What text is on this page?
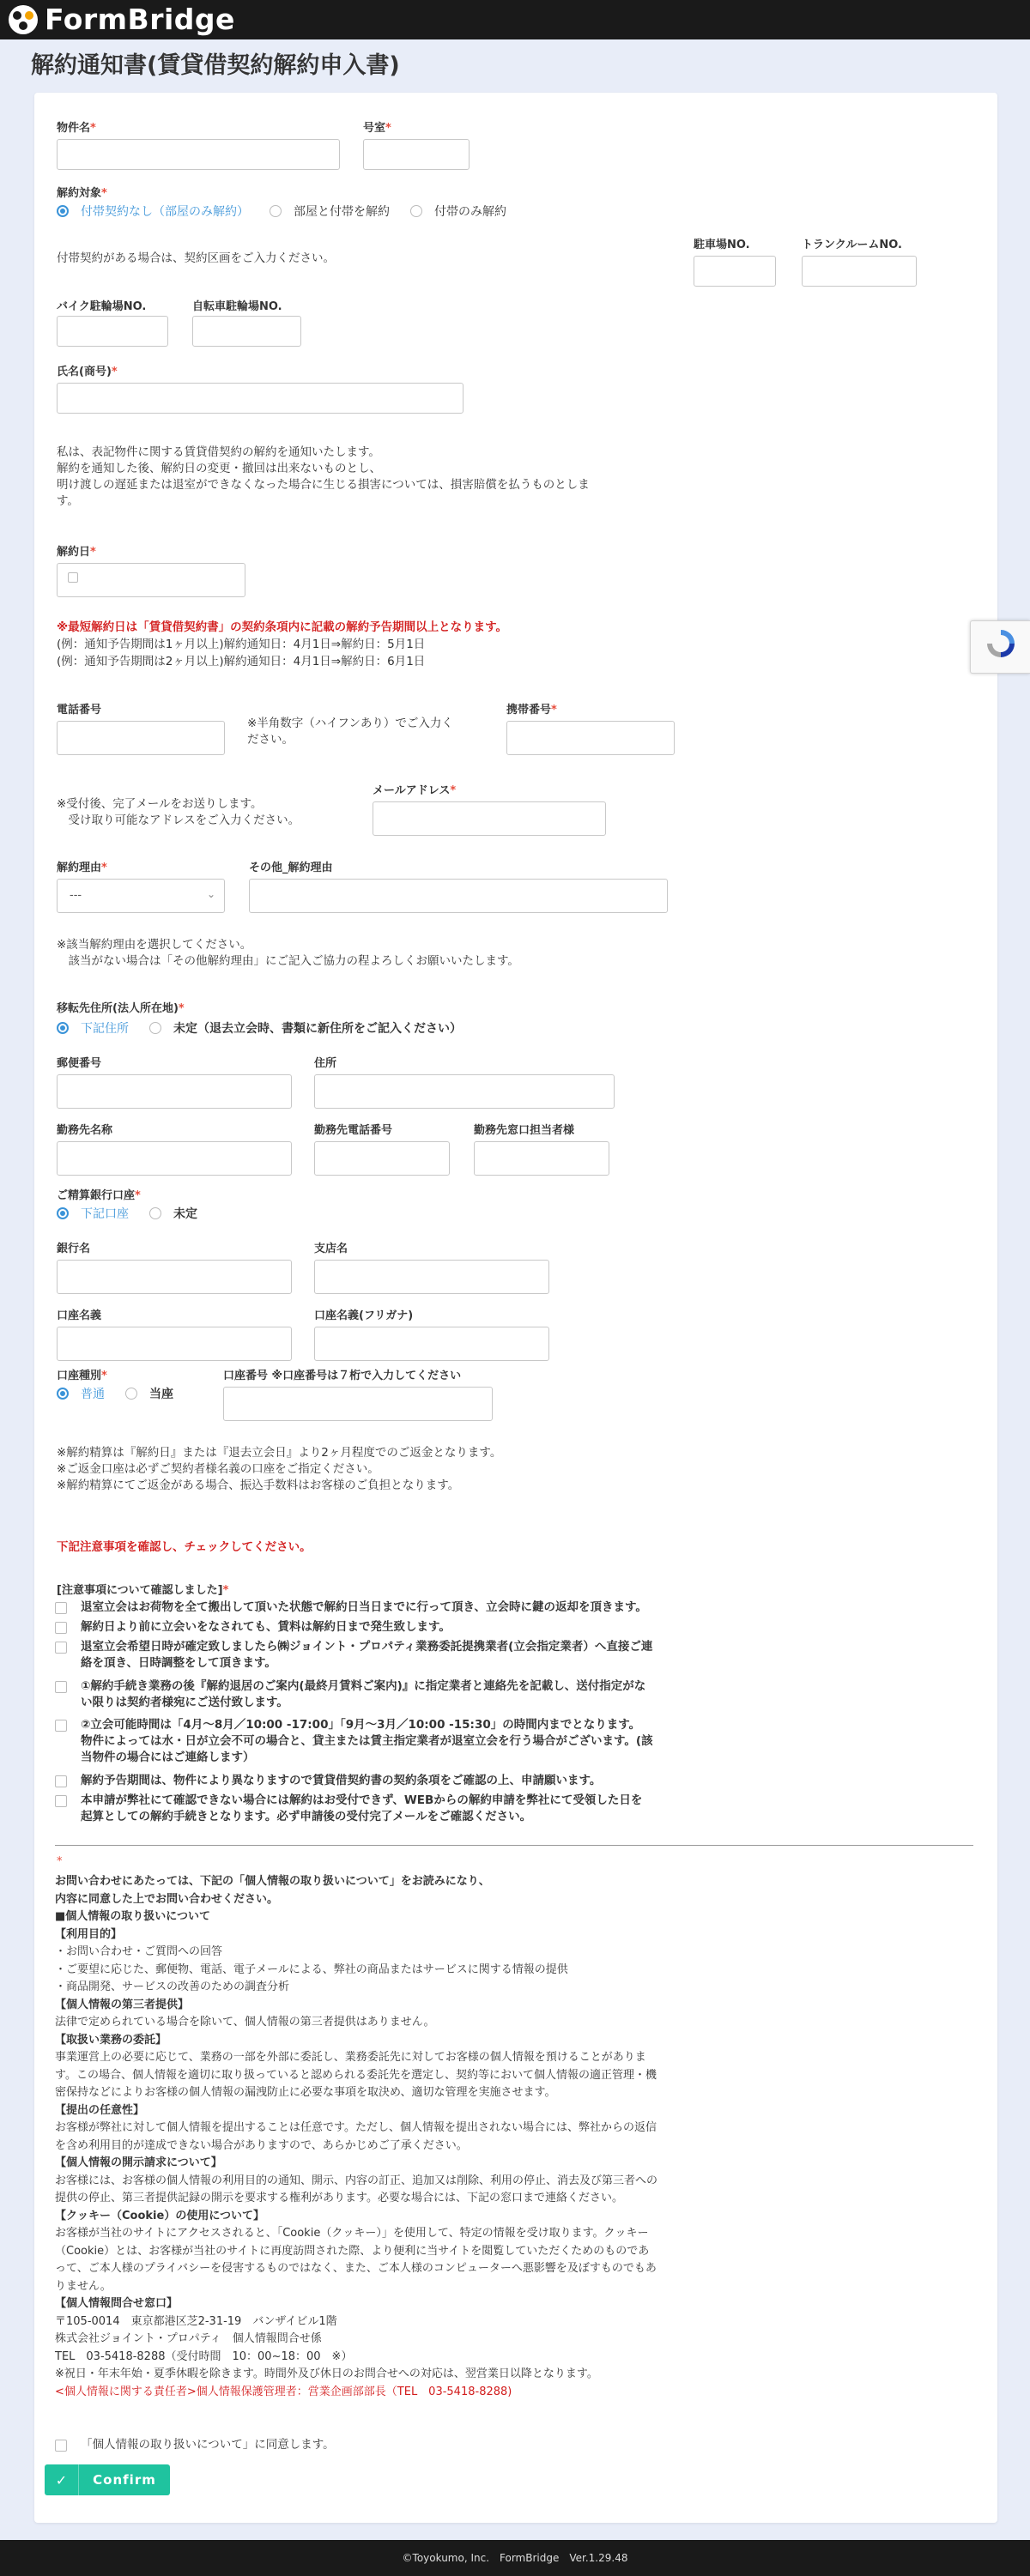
FormBridge
解約通知書(賃貸借契約解約申入書)
物件名*	号室*
解約対象*
付帯契約なし（部屋のみ解約）	部屋と付帯を解約	付帯のみ解約
付帯契約がある場合は、契約区画をご入力ください。
駐車場NO.	トランクルームNO.
バイク駐輪場NO.	自転車駐輪場NO.
氏名(商号)*
私は、表記物件に関する賃貸借契約の解約を通知いたします。
解約を通知した後、解約日の変更・撤回は出来ないものとし、
明け渡しの遅延または退室ができなくなった場合に生じる損害については、損害賠償を払うものとしま
す。
解約日*
※最短解約日は「賃貸借契約書」の契約条項内に記載の解約予告期間以上となります。
(例：通知予告期間は1ヶ月以上)解約通知日：4月1日⇒解約日：5月1日
(例：通知予告期間は2ヶ月以上)解約通知日：4月1日⇒解約日：6月1日
電話番号
※半角数字（ハイフンあり）でご入力く
ださい。
携帯番号*
メールアドレス*
※受付後、完了メールをお送りします。
　受け取り可能なアドレスをご入力ください。
解約理由*
---	⌄
その他_解約理由
※該当解約理由を選択してください。
　該当がない場合は「その他解約理由」にご記入ご協力の程よろしくお願いいたします。
移転先住所(法人所在地)*
下記住所	未定（退去立会時、書類に新住所をご記入ください）
郵便番号	住所
勤務先名称	勤務先電話番号	勤務先窓口担当者様
ご精算銀行口座*
下記口座	未定
銀行名	支店名
口座名義	口座名義(フリガナ)
口座種別*
普通	当座
口座番号 ※口座番号は７桁で入力してください
※解約精算は『解約日』または『退去立会日』より2ヶ月程度でのご返金となります。
※ご返金口座は必ずご契約者様名義の口座をご指定ください。
※解約精算にてご返金がある場合、振込手数料はお客様のご負担となります。
下記注意事項を確認し、チェックしてください。
[注意事項について確認しました]*
退室立会はお荷物を全て搬出して頂いた状態で解約日当日までに行って頂き、立会時に鍵の返却を頂きます。
解約日より前に立会いをなされても、賃料は解約日まで発生致します。
退室立会希望日時が確定致しましたら㈱ジョイント・プロパティ業務委託提携業者(立会指定業者）へ直接ご連
絡を頂き、日時調整をして頂きます。
①解約手続き業務の後『解約退居のご案内(最終月賃料ご案内)』に指定業者と連絡先を記載し、送付指定がな
い限りは契約者様宛にご送付致します。
②立会可能時間は「4月～8月／10:00 -17:00」「9月～3月／10:00 -15:30」の時間内までとなります。
物件によっては水・日が立会不可の場合と、貸主または賃主指定業者が退室立会を行う場合がございます。(該
当物件の場合にはご連絡します）
解約予告期間は、物件により異なりますので賃貸借契約書の契約条項をご確認の上、申請願います。
本申請が弊社にて確認できない場合には解約はお受付できず、WEBからの解約申請を弊社にて受領した日を
起算としての解約手続きとなります。必ず申請後の受付完了メールをご確認ください。
*
お問い合わせにあたっては、下記の「個人情報の取り扱いについて」をお読みになり、
内容に同意した上でお問い合わせください。
■個人情報の取り扱いについて
【利用目的】
・お問い合わせ・ご質問への回答
・ご要望に応じた、郵便物、電話、電子メールによる、弊社の商品またはサービスに関する情報の提供
・商品開発、サービスの改善のための調査分析
【個人情報の第三者提供】
法律で定められている場合を除いて、個人情報の第三者提供はありません。
【取扱い業務の委託】
事業運営上の必要に応じて、業務の一部を外部に委託し、業務委託先に対してお客様の個人情報を預けることがありま
す。この場合、個人情報を適切に取り扱っていると認められる委託先を選定し、契約等において個人情報の適正管理・機
密保持などによりお客様の個人情報の漏洩防止に必要な事項を取決め、適切な管理を実施させます。
【提出の任意性】
お客様が弊社に対して個人情報を提出することは任意です。ただし、個人情報を提出されない場合には、弊社からの返信
を含め利用目的が達成できない場合がありますので、あらかじめご了承ください。
【個人情報の開示請求について】
お客様には、お客様の個人情報の利用目的の通知、開示、内容の訂正、追加又は削除、利用の停止、消去及び第三者への
提供の停止、第三者提供記録の開示を要求する権利があります。必要な場合には、下記の窓口まで連絡ください。
【クッキー（Cookie）の使用について】
お客様が当社のサイトにアクセスされると、「Cookie（クッキー）」を使用して、特定の情報を受け取ります。クッキー
（Cookie）とは、お客様が当社のサイトに再度訪問された際、より便利に当サイトを閲覧していただくためのものであ
って、ご本人様のプライバシーを侵害するものではなく、また、ご本人様のコンピューターへ悪影響を及ぼすものでもあ
りません。
【個人情報問合せ窓口】
〒105-0014　東京都港区芝2-31-19　バンザイビル1階
株式会社ジョイント・プロパティ　個人情報問合せ係
TEL　03-5418-8288（受付時間　10：00~18：00　※）
※祝日・年末年始・夏季休暇を除きます。時間外及び休日のお問合せへの対応は、翌営業日以降となります。
<個人情報に関する責任者>個人情報保護管理者：営業企画部部長（TEL　03-5418-8288)
「個人情報の取り扱いについて」に同意します。
✓	Confirm
©Toyokumo, Inc.　FormBridge　Ver.1.29.48
